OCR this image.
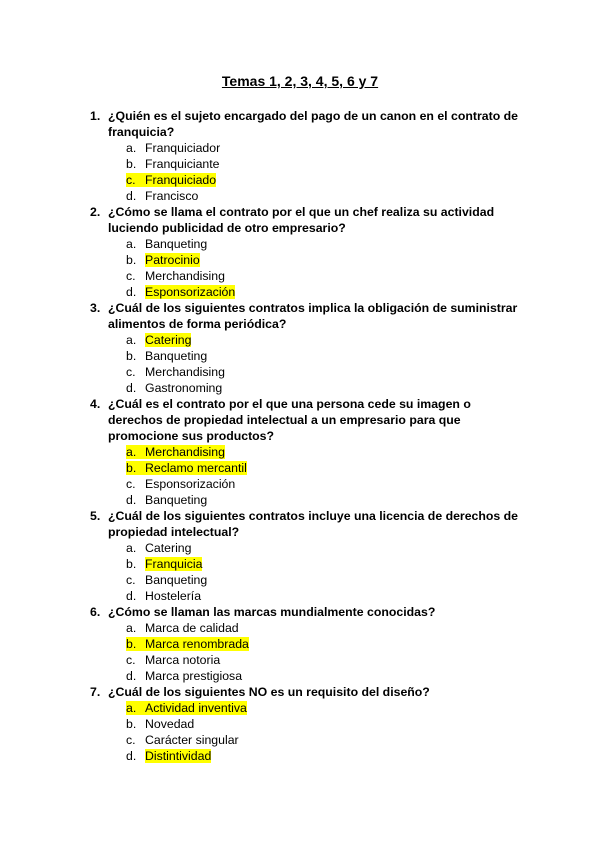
Temas 1, 2, 3, 4, 5, 6 y 7
1. ¿Quién es el sujeto encargado del pago de un canon en el contrato de franquicia?
a. Franquiciador
b. Franquiciante
c. Franquiciado
d. Francisco
2. ¿Cómo se llama el contrato por el que un chef realiza su actividad luciendo publicidad de otro empresario?
a. Banqueting
b. Patrocinio
c. Merchandising
d. Esponsorización
3. ¿Cuál de los siguientes contratos implica la obligación de suministrar alimentos de forma periódica?
a. Catering
b. Banqueting
c. Merchandising
d. Gastronoming
4. ¿Cuál es el contrato por el que una persona cede su imagen o derechos de propiedad intelectual a un empresario para que promocione sus productos?
a. Merchandising
b. Reclamo mercantil
c. Esponsorización
d. Banqueting
5. ¿Cuál de los siguientes contratos incluye una licencia de derechos de propiedad intelectual?
a. Catering
b. Franquicia
c. Banqueting
d. Hostelería
6. ¿Cómo se llaman las marcas mundialmente conocidas?
a. Marca de calidad
b. Marca renombrada
c. Marca notoria
d. Marca prestigiosa
7. ¿Cuál de los siguientes NO es un requisito del diseño?
a. Actividad inventiva
b. Novedad
c. Carácter singular
d. Distintividad
